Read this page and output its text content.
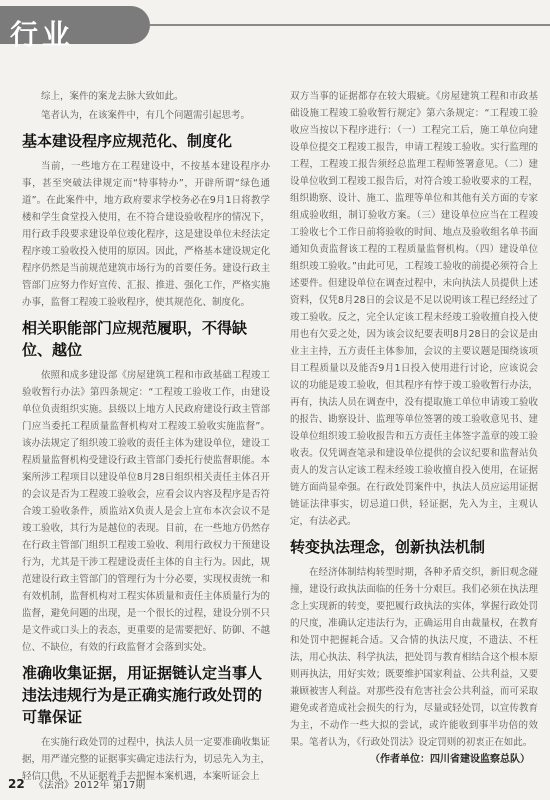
行业

综上，案件的案龙去脉大致如此。

笔者认为，在该案件中，有几个问题需引起思考。

基本建设程序应规范化、制度化

当前，一些地方在工程建设中，不按基本建设程序办事，甚至突破法律规定而“特事特办”，开辟所谓“绿色通道”。在此案件中，地方政府要求学校务必在9月1日将教学楼和学生食堂投入使用，在不符合建设验收程序的情况下，用行政手段要求建设单位竣化程序，这是建设单位未经法定程序竣工验收投入使用的原因。因此，严格基本建设规定化程序仍然是当前规范建筑市场行为的首要任务。建设行政主管部门应努力作好宣传、汇报、推进、强化工作，严格实施办事，监督工程竣工验收程序，使其规范化、制度化。

相关职能部门应规范履职，不得缺位、越位

依照和成多建设部《房屋建筑工程和市政基础工程竣工验收暂行办法》第四条规定：“工程竣工验收工作，由建设单位负责组织实施。县级以上地方人民政府建设行政主管部门应当委托工程质量监督机构对工程竣工验收实施监督”。该办法规定了组织竣工验收的责任主体为建设单位，建设工程质量监督机构受建设行政主管部门委托行使监督职能。本案所涉工程项目以建设单位8月28日组织相关责任主体召开的会议是否为工程竣工验收会，应看会议内容及程序是否符合竣工验收条件，质监站X负责人是会上宣布本次会议不是竣工验收，其行为是越位的表现。目前，在一些地方仍然存在行政主管部门组织工程竣工验收、利用行政权力干预建设行为，尤其是干涉工程建设责任主体的自主行为。因此，规范建设行政主管部门的管理行为十分必要，实现权责统一和有效机制，监督机构对工程实体质量和责任主体质量行为的监督，避免问题的出现，是一个很长的过程，建设分别不只是文件或口头上的表态，更重要的是需要把好、防御、不越位、不缺位，有效的行政监督才会落到实处。

准确收集证据，用证据链认定当事人违法违规行为是正确实施行政处罚的可靠保证

在实施行政处罚的过程中，执法人员一定要准确收集证据，用严谨完整的证据事实确定违法行为，切忌先入为主，轻信口供，不从证据着手去把握本案机遇，本案听证会上

双方当事的证据都存在较大瑕疵。《房屋建筑工程和市政基础设施工程竣工验收暂行规定》第六条规定：“工程竣工验收应当按以下程序进行：（一）工程完工后，施工单位向建设单位提交工程竣工报告，申请工程竣工验收。实行监理的工程，工程竣工报告须经总监理工程师签署意见。（二）建设单位收到工程竣工报告后，对符合竣工验收要求的工程，组织勘察、设计、施工、监理等单位和其他有关方面的专家组成验收组，制订验收方案。（三）建设单位应当在工程竣工验收七个工作日前将验收的时间、地点及验收组名单书面通知负责监督该工程的工程质量监督机构。（四）建设单位组织竣工验收。”由此可见，工程竣工验收的前提必须符合上述要件。但建设单位在调查过程中，未向执法人员提供上述资料，仅凭8月28日的会议是不足以说明该工程已经经过了竣工验收。反之，完全认定该工程未经竣工验收擅自投入使用也有欠妥之处，因为该会议纪要表明8月28日的会议是由业主主持，五方责任主体参加，会议的主要议题是围绕该项目工程质量以及能否9月1日投入使用进行讨论，应该说会议的功能是竣工验收，但其程序有悖于竣工验收暂行办法，再有，执法人员在调查中，没有提取施工单位申请竣工验收的报告、勘察设计、监理等单位签署的竣工验收意见书、建设单位组织竣工验收报告和五方责任主体签字盖章的竣工验收表。仅凭调查笔录和建设单位提供的会议纪要和监督站负责人的发言认定该工程未经竣工验收擅自投入使用，在证据链方面尚显牵强。在行政处罚案件中，执法人员应运用证据链证法律事实，切忌道口供，轻证据，先入为主，主观认定，有法必武。

转变执法理念，创新执法机制

在经济体制结构转型时期，各种矛盾交织，新旧观念碰撞，建设行政执法面临的任务十分艰巨。我们必须在执法理念上实现新的转变，要把履行政执法的实体，掌握行政处罚的尺度，准确认定违法行为，正确运用自由裁量权，在教育和处罚中把握耗合适。又合情的执法尺度，不遗法、不枉法，用心执法、科学执法，把处罚与教育相结合这个根本原则再执法，用好实效；既要维护国家利益、公共利益，又要兼顾被害人利益。对那些没有危害社会公共利益，而可采取避免或者造成社会损失的行为，尽量或轻处罚，以宣传教育为主，不动作一些大拟的尝试，或许能收到事半功倍的效果。笔者认为，《行政处罚法》设定罚则的初衷正在如此。

（作者单位：四川省建设监察总队）
22 《法治》2012年 第17期
